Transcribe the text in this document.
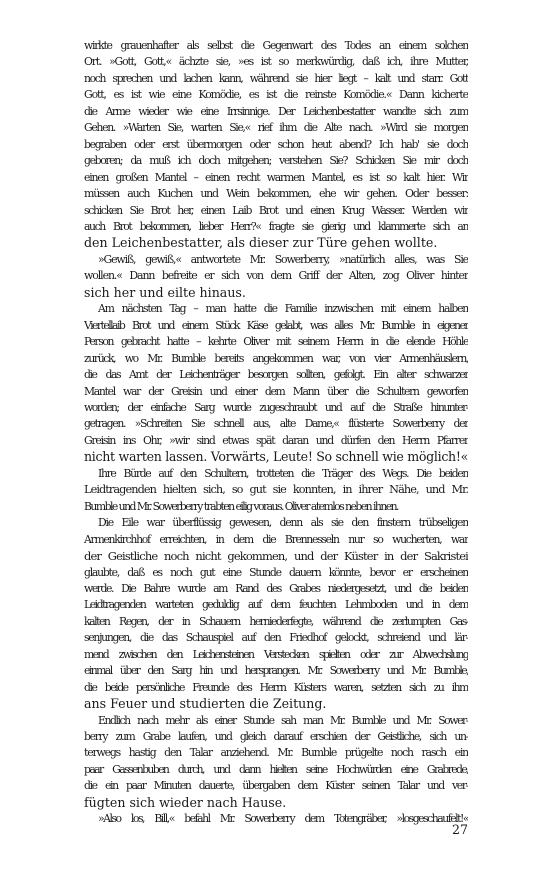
wirkte grauenhafter als selbst die Gegenwart des Todes an einem solchen
Ort. »Gott, Gott,« ächzte sie, »es ist so merkwürdig, daß ich, ihre Mutter,
noch sprechen und lachen kann, während sie hier liegt – kalt und starr. Gott
Gott, es ist wie eine Komödie, es ist die reinste Komödie.« Dann kicherte
die Arme wieder wie eine Irrsinnige. Der Leichenbestatter wandte sich zum
Gehen. »Warten Sie, warten Sie,« rief ihm die Alte nach. »Wird sie morgen
begraben oder erst übermorgen oder schon heut abend? Ich hab' sie doch
geboren; da muß ich doch mitgehen; verstehen Sie? Schicken Sie mir doch
einen großen Mantel – einen recht warmen Mantel, es ist so kalt hier. Wir
müssen auch Kuchen und Wein bekommen, ehe wir gehen. Oder besser:
schicken Sie Brot her, einen Laib Brot und einen Krug Wasser. Werden wir
auch Brot bekommen, lieber Herr?« fragte sie gierig und klammerte sich an
den Leichenbestatter, als dieser zur Türe gehen wollte.
»Gewiß, gewiß,« antwortete Mr. Sowerberry, »natürlich alles, was Sie
wollen.« Dann befreite er sich von dem Griff der Alten, zog Oliver hinter
sich her und eilte hinaus.
Am nächsten Tag – man hatte die Familie inzwischen mit einem halben
Viertellaib Brot und einem Stück Käse gelabt, was alles Mr. Bumble in eigener
Person gebracht hatte – kehrte Oliver mit seinem Herrn in die elende Höhle
zurück, wo Mr. Bumble bereits angekommen war, von vier Armenhäuslern,
die das Amt der Leichenträger besorgen sollten, gefolgt. Ein alter schwarzer
Mantel war der Greisin und einer dem Mann über die Schultern geworfen
worden; der einfache Sarg wurde zugeschraubt und auf die Straße hinunter-
getragen. »Schreiten Sie schnell aus, alte Dame,« flüsterte Sowerberry der
Greisin ins Ohr, »wir sind etwas spät daran und dürfen den Herrn Pfarrer
nicht warten lassen. Vorwärts, Leute! So schnell wie möglich!«
Ihre Bürde auf den Schultern, trotteten die Träger des Wegs. Die beiden
Leidtragenden hielten sich, so gut sie konnten, in ihrer Nähe, und Mr.
Bumble und Mr. Sowerberry trabten eilig voraus. Oliver atemlos neben ihnen.
Die Eile war überflüssig gewesen, denn als sie den finstern trübseligen
Armenkirchhof erreichten, in dem die Brennesseln nur so wucherten, war
der Geistliche noch nicht gekommen, und der Küster in der Sakristei
glaubte, daß es noch gut eine Stunde dauern könnte, bevor er erscheinen
werde. Die Bahre wurde am Rand des Grabes niedergesetzt, und die beiden
Leidtragenden warteten geduldig auf dem feuchten Lehmboden und in dem
kalten Regen, der in Schauern herniederfegte, während die zerlumpten Gas-
senjungen, die das Schauspiel auf den Friedhof gelockt, schreiend und lär-
mend zwischen den Leichensteinen Verstecken spielten oder zur Abwechslung
einmal über den Sarg hin und hersprangen. Mr. Sowerberry und Mr. Bumble,
die beide persönliche Freunde des Herrn Küsters waren, setzten sich zu ihm
ans Feuer und studierten die Zeitung.
Endlich nach mehr als einer Stunde sah man Mr. Bumble und Mr. Sower-
berry zum Grabe laufen, und gleich darauf erschien der Geistliche, sich un-
terwegs hastig den Talar anziehend. Mr. Bumble prügelte noch rasch ein
paar Gassenbuben durch, und dann hielten seine Hochwürden eine Grabrede,
die ein paar Minuten dauerte, übergaben dem Küster seinen Talar und ver-
fügten sich wieder nach Hause.
»Also los, Bill,« befahl Mr. Sowerberry dem Totengräber, »losgeschaufelt!«
27
